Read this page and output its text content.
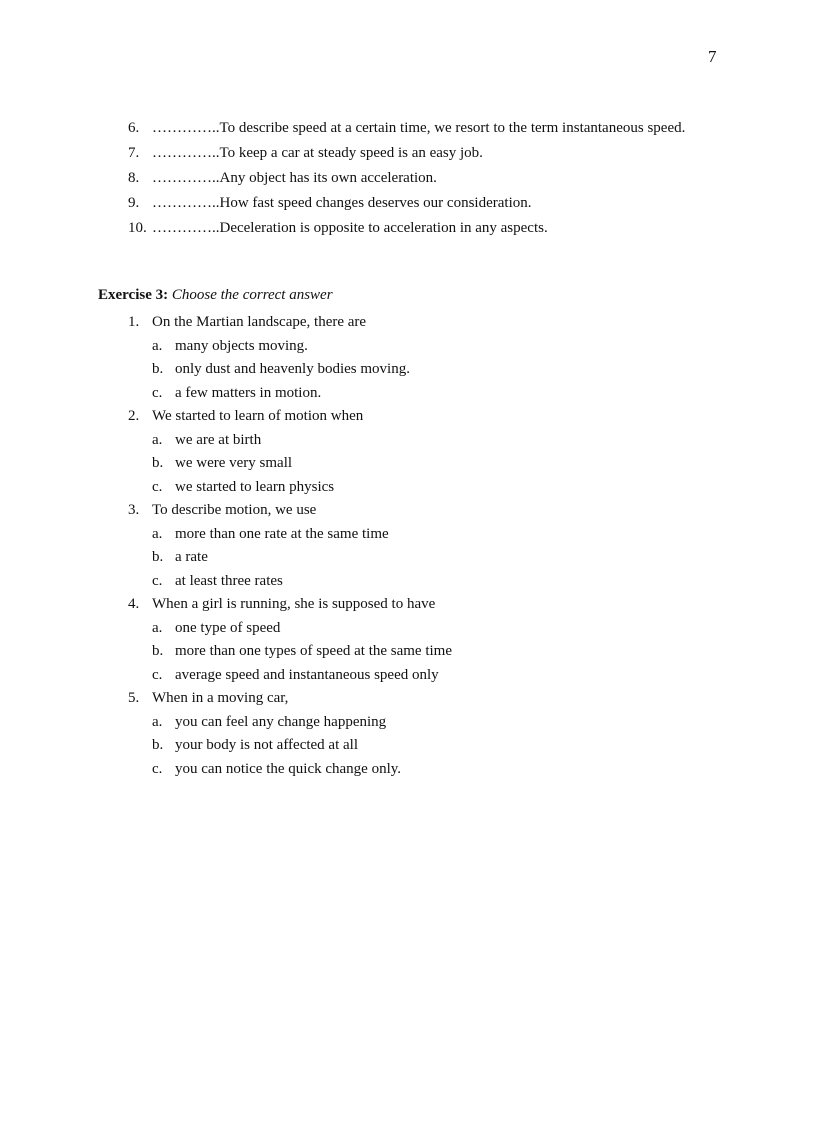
7
6. …………..To describe speed at a certain time, we resort to the term instantaneous speed.
7. …………..To keep a car at steady speed is an easy job.
8. …………..Any object has its own acceleration.
9. …………..How fast speed changes deserves our consideration.
10. …………..Deceleration is opposite to acceleration in any aspects.
Exercise 3: Choose the correct answer
1. On the Martian landscape, there are
a. many objects moving.
b. only dust and heavenly bodies moving.
c. a few matters in motion.
2. We started to learn of motion when
a. we are at birth
b. we were very small
c. we started to learn physics
3. To describe motion, we use
a. more than one rate at the same time
b. a rate
c. at least three rates
4. When a girl is running, she is supposed to have
a. one type of speed
b. more than one types of speed at the same time
c. average speed and instantaneous speed only
5. When in a moving car,
a. you can feel any change happening
b. your body is not affected at all
c. you can notice the quick change only.
